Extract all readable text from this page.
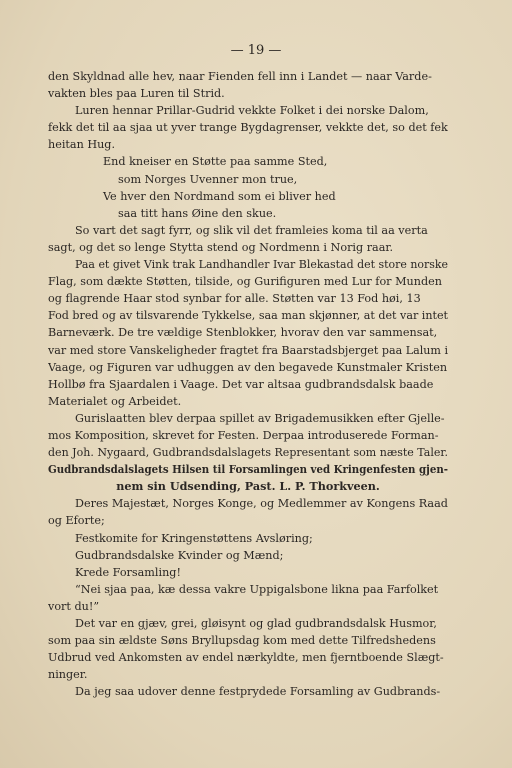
— 19 —
den Skyldnad alle hev, naar Fienden fell inn i Landet — naar Varde-
vakten bles paa Luren til Strid.
Luren hennar Prillar-Gudrid vekkte Folket i dei norske Dalom,
fekk det til aa sjaa ut yver trange Bygdagrenser, vekkte det, so det fek
heitan Hug.
End kneiser en Støtte paa samme Sted,
som Norges Uvenner mon true,
Ve hver den Nordmand som ei bliver hed
saa titt hans Øine den skue.
So vart det sagt fyrr, og slik vil det framleies koma til aa verta
sagt, og det so lenge Stytta stend og Nordmenn i Norig raar.
Paa et givet Vink trak Landhandler Ivar Blekastad det store norske
Flag, som dækte Støtten, tilside, og Gurifiguren med Lur for Munden
og flagrende Haar stod synbar for alle. Støtten var 13 Fod høi, 13
Fod bred og av tilsvarende Tykkelse, saa man skjønner, at det var intet
Barneværk. De tre vældige Stenblokker, hvorav den var sammensat,
var med store Vanskeligheder fragtet fra Baarstadsbjerget paa Lalum i
Vaage, og Figuren var udhuggen av den begavede Kunstmaler Kristen
Hollbø fra Sjaardalen i Vaage. Det var altsaa gudbrandsdalsk baade
Materialet og Arbeidet.
Gurislaatten blev derpaa spillet av Brigademusikken efter Gjelle-
mos Komposition, skrevet for Festen. Derpaa introduserede Forman-
den Joh. Nygaard, Gudbrandsdalslagets Representant som næste Taler.
Gudbrandsdalslagets Hilsen til Forsamlingen ved Kringenfesten gjen-
nem sin Udsending, Past. L. P. Thorkveen.
Deres Majestæt, Norges Konge, og Medlemmer av Kongens Raad
og Eforte;
Festkomite for Kringenstøttens Avsløring;
Gudbrandsdalske Kvinder og Mænd;
Krede Forsamling!
“Nei sjaa paa, kæ dessa vakre Uppigalsbone likna paa Farfolket
vort du!”
Det var en gjæv, grei, gløisynt og glad gudbrandsdalsk Husmor,
som paa sin ældste Søns Bryllupsdag kom med dette Tilfredshedens
Udbrud ved Ankomsten av endel nærkyldte, men fjerntboende Slægt-
ninger.
Da jeg saa udover denne festprydede Forsamling av Gudbrands-
